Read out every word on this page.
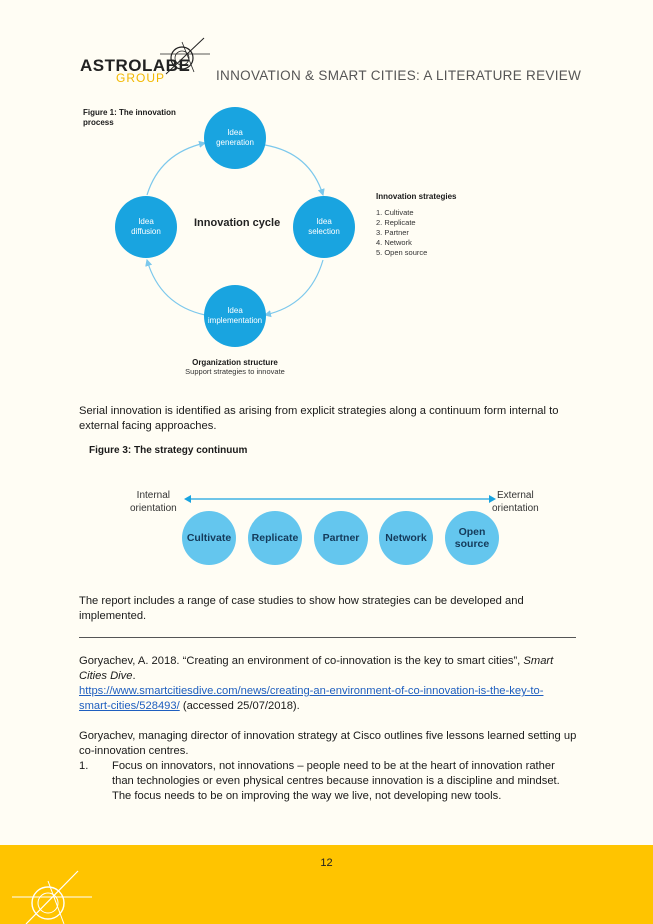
ASTROLABE
GROUP	INNOVATION & SMART CITIES: A LITERATURE REVIEW
Figure 1: The innovation
process
Idea
generation
Idea
selection
Idea
implementation
Idea
diffusion
Innovation cycle
Innovation strategies
1. Cultivate
2. Replicate
3. Partner
4. Network
5. Open source
Organization structure
Support strategies to innovate
Serial innovation is identified as arising from explicit strategies along a continuum form internal to
external facing approaches.
Figure 3: The strategy continuum
Internal
orientation
External
orientation
Cultivate	Replicate	Partner	Network	Open
source
The report includes a range of case studies to show how strategies can be developed and
implemented.
Goryachev, A. 2018. “Creating an environment of co-innovation is the key to smart cities”, Smart
Cities Dive.
https://www.smartcitiesdive.com/news/creating-an-environment-of-co-innovation-is-the-key-to-
smart-cities/528493/ (accessed 25/07/2018).
Goryachev, managing director of innovation strategy at Cisco outlines five lessons learned setting up
co-innovation centres.
1. Focus on innovators, not innovations – people need to be at the heart of innovation rather
than technologies or even physical centres because innovation is a discipline and mindset.
The focus needs to be on improving the way we live, not developing new tools.
12
